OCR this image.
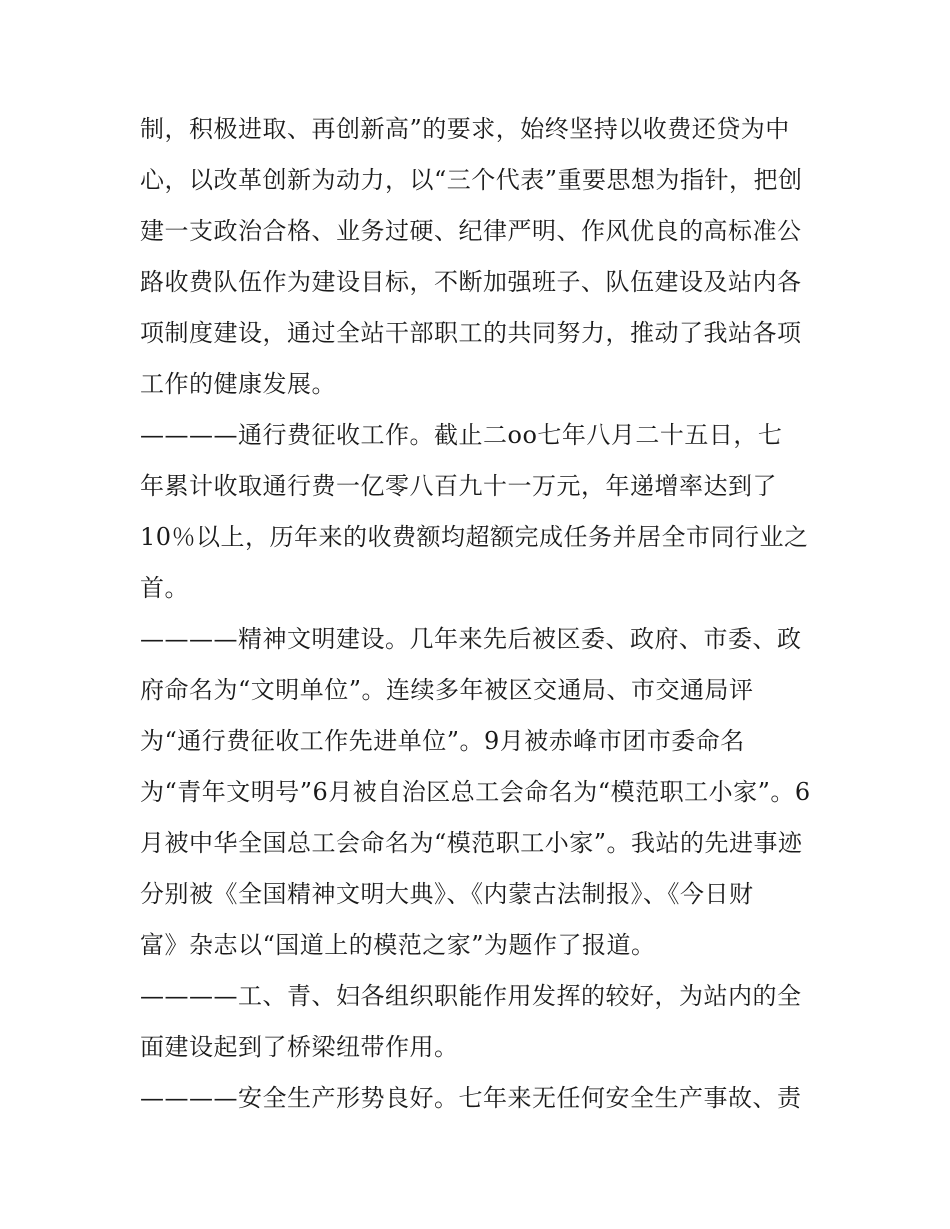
制，积极进取、再创新高”的要求，始终坚持以收费还贷为中
心，以改革创新为动力，以“三个代表”重要思想为指针，把创
建一支政治合格、业务过硬、纪律严明、作风优良的高标准公
路收费队伍作为建设目标，不断加强班子、队伍建设及站内各
项制度建设，通过全站干部职工的共同努力，推动了我站各项
工作的健康发展。
————通行费征收工作。截止二oo七年八月二十五日，七
年累计收取通行费一亿零八百九十一万元，年递增率达到了
10％以上，历年来的收费额均超额完成任务并居全市同行业之
首。
————精神文明建设。几年来先后被区委、政府、市委、政
府命名为“文明单位”。连续多年被区交通局、市交通局评
为“通行费征收工作先进单位”。9月被赤峰市团市委命名
为“青年文明号”6月被自治区总工会命名为“模范职工小家”。6
月被中华全国总工会命名为“模范职工小家”。我站的先进事迹
分别被《全国精神文明大典》、《内蒙古法制报》、《今日财
富》杂志以“国道上的模范之家”为题作了报道。
————工、青、妇各组织职能作用发挥的较好，为站内的全
面建设起到了桥梁纽带作用。
————安全生产形势良好。七年来无任何安全生产事故、责
